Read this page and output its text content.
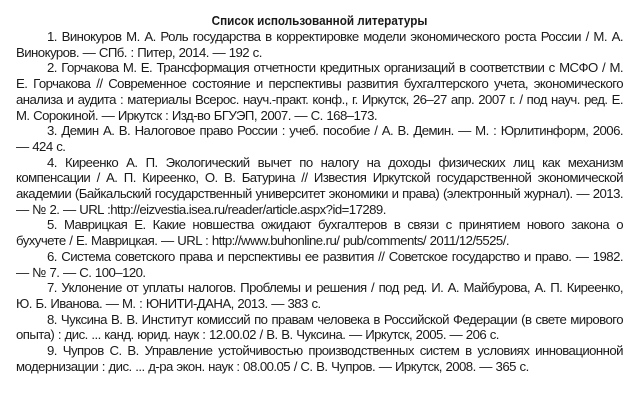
Список использованной литературы

1. Винокуров М. А. Роль государства в корректировке модели экономического роста России / М. А. Винокуров. — СПб. : Питер, 2014. — 192 с.

2. Горчакова М. Е. Трансформация отчетности кредитных организаций в соответствии с МСФО / М. Е. Горчакова // Современное состояние и перспективы развития бухгалтерского учета, экономического анализа и аудита : материалы Всерос. науч.-практ. конф., г. Иркутск, 26–27 апр. 2007 г. / под науч. ред. Е. М. Сорокиной. — Иркутск : Изд-во БГУЭП, 2007. — С. 168–173.

3. Демин А. В. Налоговое право России : учеб. пособие / А. В. Демин. — М. : Юрлитинформ, 2006. — 424 с.

4. Киреенко А. П. Экологический вычет по налогу на доходы физических лиц как механизм компенсации / А. П. Киреенко, О. В. Батурина // Известия Иркутской государственной экономической академии (Байкальский государственный университет экономики и права) (электронный журнал). — 2013. — № 2. — URL :http://eizvestia.isea.ru/reader/article.aspx?id=17289.

5. Маврицкая Е. Какие новшества ожидают бухгалтеров в связи с принятием нового закона о бухучете / Е. Маврицкая. — URL : http://www.buhonline.ru/ pub/comments/ 2011/12/5525/.

6. Система советского права и перспективы ее развития // Советское государство и право. — 1982. — № 7. — С. 100–120.

7. Уклонение от уплаты налогов. Проблемы и решения / под ред. И. А. Майбурова, А. П. Киреенко, Ю. Б. Иванова. — М. : ЮНИТИ-ДАНА, 2013. — 383 с.

8. Чуксина В. В. Институт комиссий по правам человека в Российской Федерации (в свете мирового опыта) : дис. ... канд. юрид. наук : 12.00.02 / В. В. Чуксина. — Иркутск, 2005. — 206 с.

9. Чупров С. В. Управление устойчивостью производственных систем в условиях инновационной модернизации : дис. ... д-ра экон. наук : 08.00.05 / С. В. Чупров. — Иркутск, 2008. — 365 с.
